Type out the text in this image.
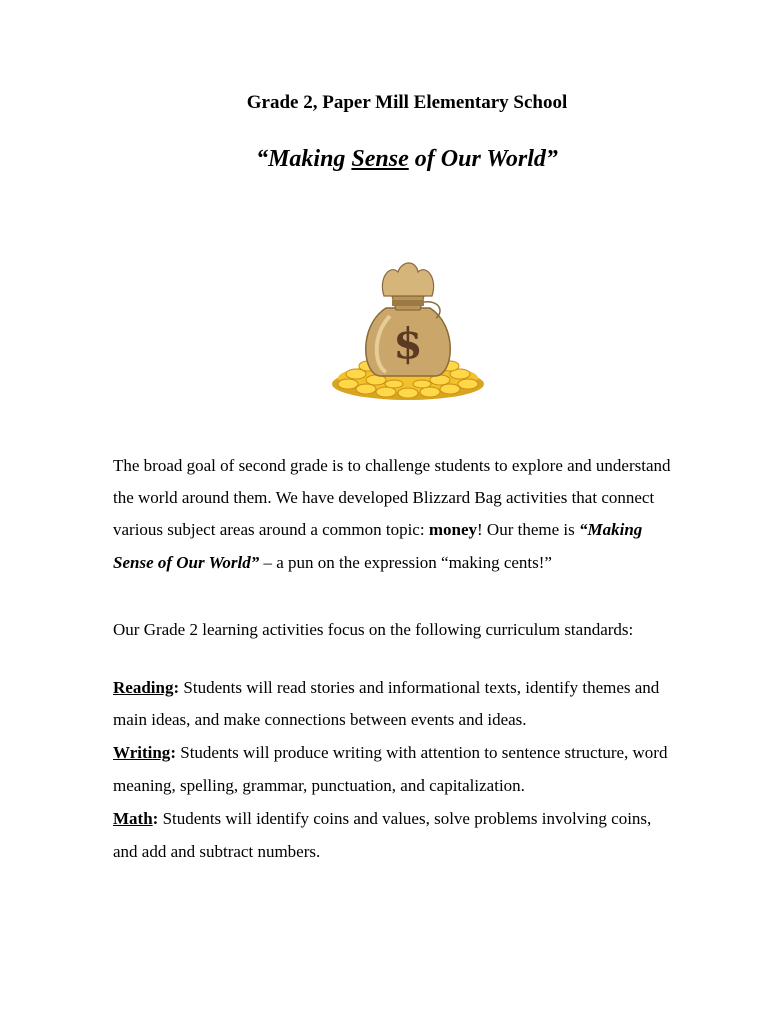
Grade 2, Paper Mill Elementary School
“Making Sense of Our World”
$
The broad goal of second grade is to challenge students to explore and understand
the world around them. We have developed Blizzard Bag activities that connect
various subject areas around a common topic: money! Our theme is “Making
Sense of Our World” – a pun on the expression “making cents!”
Our Grade 2 learning activities focus on the following curriculum standards:
Reading: Students will read stories and informational texts, identify themes and
main ideas, and make connections between events and ideas.
Writing: Students will produce writing with attention to sentence structure, word
meaning, spelling, grammar, punctuation, and capitalization.
Math: Students will identify coins and values, solve problems involving coins,
and add and subtract numbers.
